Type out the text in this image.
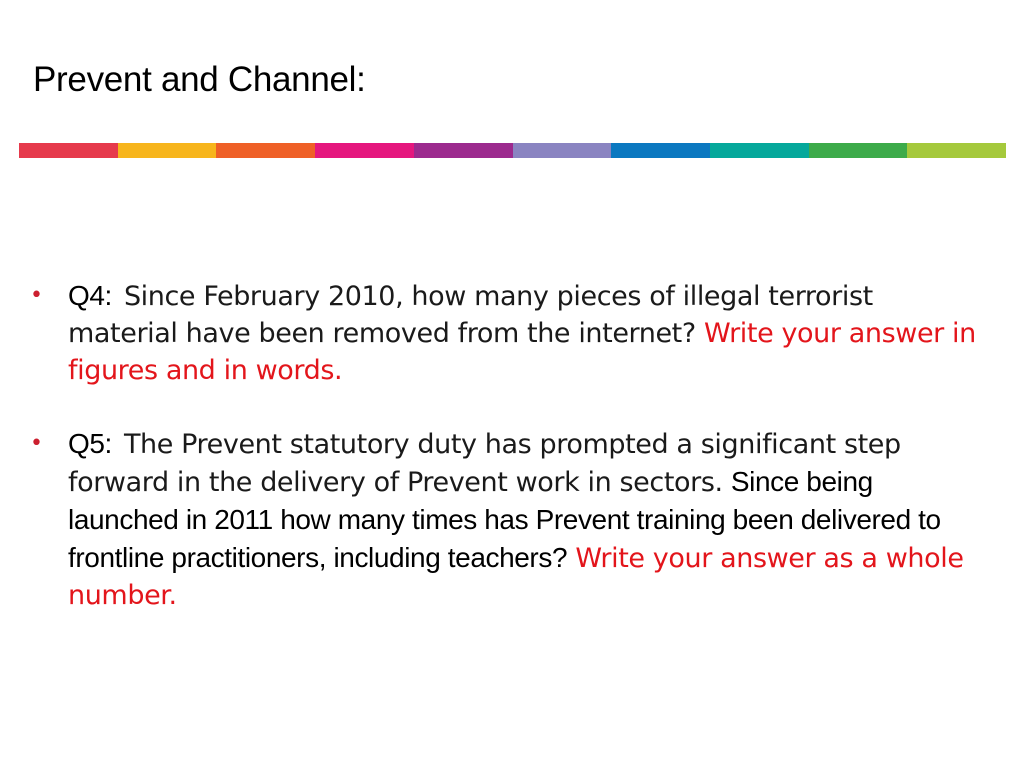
Prevent and Channel:
• Q4: Since February 2010, how many pieces of illegal terrorist material have been removed from the internet? Write your answer in figures and in words.
• Q5: The Prevent statutory duty has prompted a significant step forward in the delivery of Prevent work in sectors. Since being launched in 2011 how many times has Prevent training been delivered to frontline practitioners, including teachers? Write your answer as a whole number.
